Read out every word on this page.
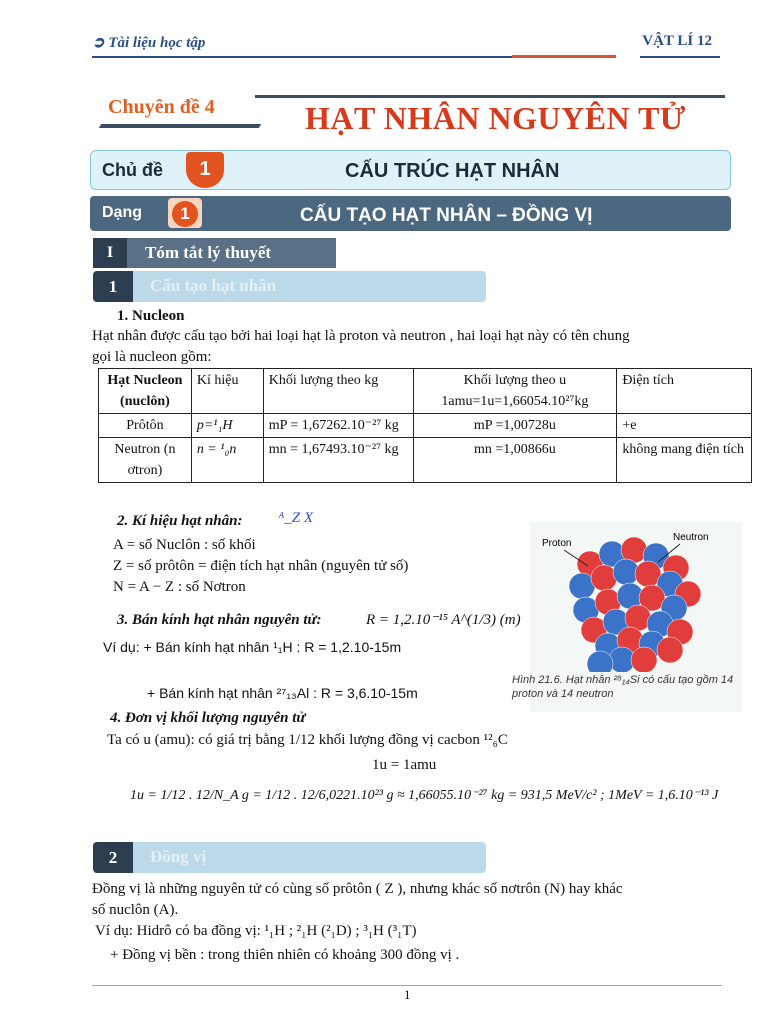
➲ Tài liệu học tập	VẬT LÍ 12
Chuyên đề 4	HẠT NHÂN NGUYÊN TỬ
Chủ đề	1	CẤU TRÚC HẠT NHÂN
Dạng	1	CẤU TẠO HẠT NHÂN – ĐỒNG VỊ
I	Tóm tắt lý thuyết
1	Cấu tạo hạt nhân
1. Nucleon
Hạt nhân được cấu tạo bởi hai loại hạt là proton và neutron , hai loại hạt này có tên chung
gọi là nucleon gồm:
Hạt Nucleon (nuclôn)	Kí hiệu	Khối lượng theo kg	Khối lượng theo u 1amu=1u=1,66054.10²⁷kg	Điện tích
Prôtôn	p=¹₁H	mP = 1,67262.10⁻²⁷ kg	mP =1,00728u	+e
Neutron (n ơtron)	n = ¹₀n	mn = 1,67493.10⁻²⁷ kg	mn =1,00866u	không mang điện tích
2. Kí hiệu hạt nhân: ᴬ_Z X
A = số Nuclôn : số khối
Z = số prôtôn = điện tích hạt nhân (nguyên tử số)
N = A − Z : số Nơtron
3. Bán kính hạt nhân nguyên tử:	R = 1,2.10⁻¹⁵ A^(1/3) (m)
Ví dụ: + Bán kính hạt nhân ¹₁H : R = 1,2.10-15m
+ Bán kính hạt nhân ²⁷₁₃Al : R = 3,6.10-15m
4. Đơn vị khối lượng nguyên tử
Ta có u (amu): có giá trị bằng 1/12 khối lượng đồng vị cacbon ¹²₆C
1u = 1amu
1u = 1/12 . 12/N_A g = 1/12 . 12/6,0221.10²³ g ≈ 1,66055.10⁻²⁷ kg = 931,5 MeV/c² ; 1MeV = 1,6.10⁻¹³ J
Proton
Neutron
Hình 21.6. Hạt nhân ²⁸₁₄Si có cấu tạo gồm 14 proton và 14 neutron
2	Đồng vị
Đồng vị là những nguyên tử có cùng số prôtôn ( Z ), nhưng khác số nơtrôn (N) hay khác
số nuclôn (A).
Ví dụ: Hidrô có ba đồng vị: ¹₁H ; ²₁H (²₁D) ; ³₁H (³₁T)
+ Đồng vị bền : trong thiên nhiên có khoảng 300 đồng vị .
1
